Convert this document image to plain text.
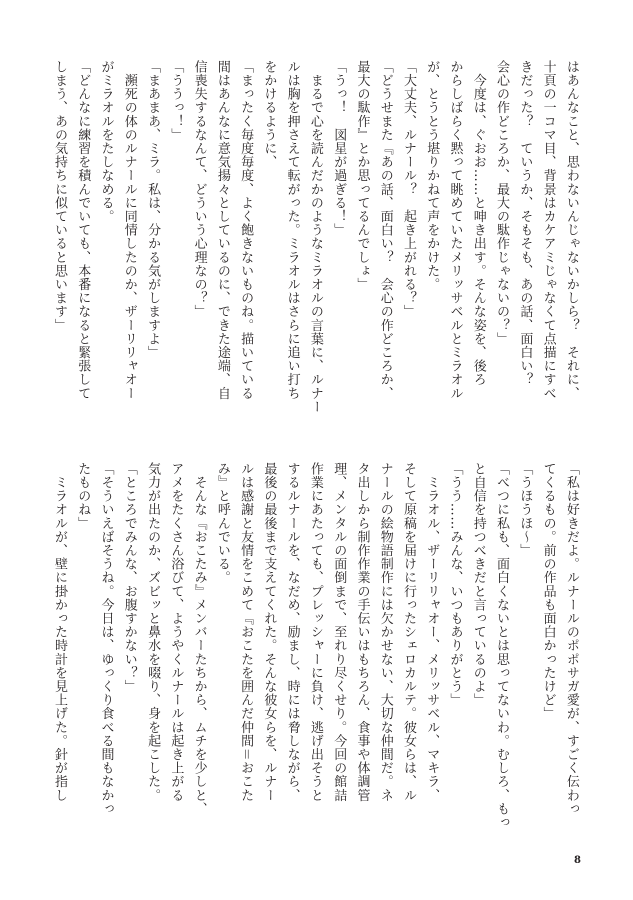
はあんなこと、思わないんじゃないかしら？　それに、
十頁の一コマ目、背景はカケアミじゃなくて点描にすべ
きだった？　ていうか、そもそも、あの話、面白い？
会心の作どころか、最大の駄作じゃないの？」
　今度は、ぐおお……と呻き出す。そんな姿を、後ろ
からしばらく黙って眺めていたメリッサベルとミラオル
が、とうとう堪りかねて声をかけた。
「大丈夫、ルナール？　起き上がれる？」
「どうせまた『あの話、面白い？　会心の作どころか、
最大の駄作』とか思ってるんでしょ」
「うっ！　図星が過ぎる！」
　まるで心を読んだかのようなミラオルの言葉に、ルナー
ルは胸を押さえて転がった。ミラオルはさらに追い打ち
をかけるように、
「まったく毎度毎度、よく飽きないものね。描いている
間はあんなに意気揚々としているのに、できた途端、自
信喪失するなんて、どういう心理なの？」
「ううっ！」
「まあまあ、ミラ。私は、分かる気がしますよ」
　瀕死の体のルナールに同情したのか、ザーリリャオー
がミラオルをたしなめる。
「どんなに練習を積んでいても、本番になると緊張して
しまう、あの気持ちに似ていると思います」
「私は好きだよ。ルナールのポポサガ愛が、すごく伝わっ
てくるもの。前の作品も面白かったけど」
「うほうほ～」
「べつに私も、面白くないとは思ってないわ。むしろ、もっ
と自信を持つべきだと言っているのよ」
「うう……みんな、いつもありがとう」
　ミラオル、ザーリリャオー、メリッサベル、マキラ、
そして原稿を届けに行ったシェロカルテ。彼女らは、ル
ナールの絵物語制作には欠かせない、大切な仲間だ。ネ
タ出しから制作作業の手伝いはもちろん、食事や体調管
理、メンタルの面倒まで、至れり尽くせり。今回の館詰
作業にあたっても、プレッシャーに負け、逃げ出そうと
するルナールを、なだめ、励まし、時には脅しながら、
最後の最後まで支えてくれた。そんな彼女らを、ルナー
ルは感謝と友情をこめて『おこたを囲んだ仲間＝おこた
み』と呼んでいる。
　そんな『おこたみ』メンバーたちから、ムチを少しと、
アメをたくさん浴びて、ようやくルナールは起き上がる
気力が出たのか、ズビッと鼻水を啜り、身を起こした。
「ところでみんな、お腹すかない？」
「そういえばそうね。今日は、ゆっくり食べる間もなかっ
たものね」
　ミラオルが、壁に掛かった時計を見上げた。針が指し
8
